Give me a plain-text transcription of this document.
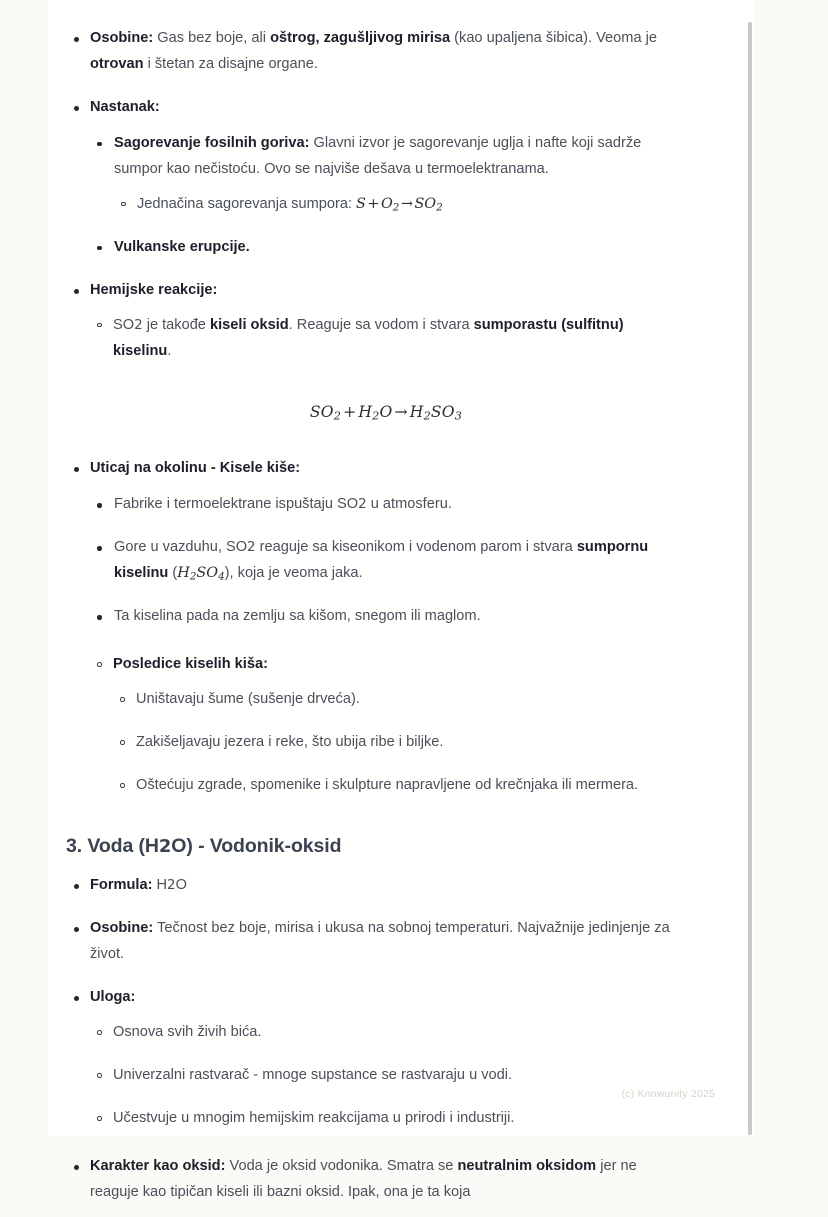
Osobine: Gas bez boje, ali oštrog, zagušljivog mirisa (kao upaljena šibica). Veoma je otrovan i štetan za disajne organe.
Nastanak:
Sagorevanje fosilnih goriva: Glavni izvor je sagorevanje uglja i nafte koji sadrže sumpor kao nečistoću. Ovo se najviše dešava u termoelektranama.
Jednačina sagorevanja sumpora: $S + O_2 \to SO_2$
Vulkanske erupcije.
Hemijske reakcije:
SO2 je takođe kiseli oksid. Reaguje sa vodom i stvara sumporastu (sulfitnu) kiselinu.
$SO_2 + H_2O \to H_2SO_3$
Uticaj na okolinu - Kisele kiše:
Fabrike i termoelektrane ispuštaju SO2 u atmosferu.
Gore u vazduhu, SO2 reaguje sa kiseonikom i vodenom parom i stvara sumpornu kiselinu $(H_2SO_4)$, koja je veoma jaka.
Ta kiselina pada na zemlju sa kišom, snegom ili maglom.
Posledice kiselih kiša:
Uništavaju šume (sušenje drveća).
Zakišeljavaju jezera i reke, što ubija ribe i biljke.
Oštećuju zgrade, spomenike i skulpture napravljene od krečnjaka ili mermera.
3. Voda (H2O) - Vodonik-oksid
Formula: H2O
Osobine: Tečnost bez boje, mirisa i ukusa na sobnoj temperaturi. Najvažnije jedinjenje za život.
Uloga:
Osnova svih živih bića.
Univerzalni rastvarač - mnoge supstance se rastvaraju u vodi.
Učestvuje u mnogim hemijskim reakcijama u prirodi i industriji.
Karakter kao oksid: Voda je oksid vodonika. Smatra se neutralnim oksidom jer ne reaguje kao tipičan kiseli ili bazni oksid. Ipak, ona je ta koja
(c) Knowunity 2025
